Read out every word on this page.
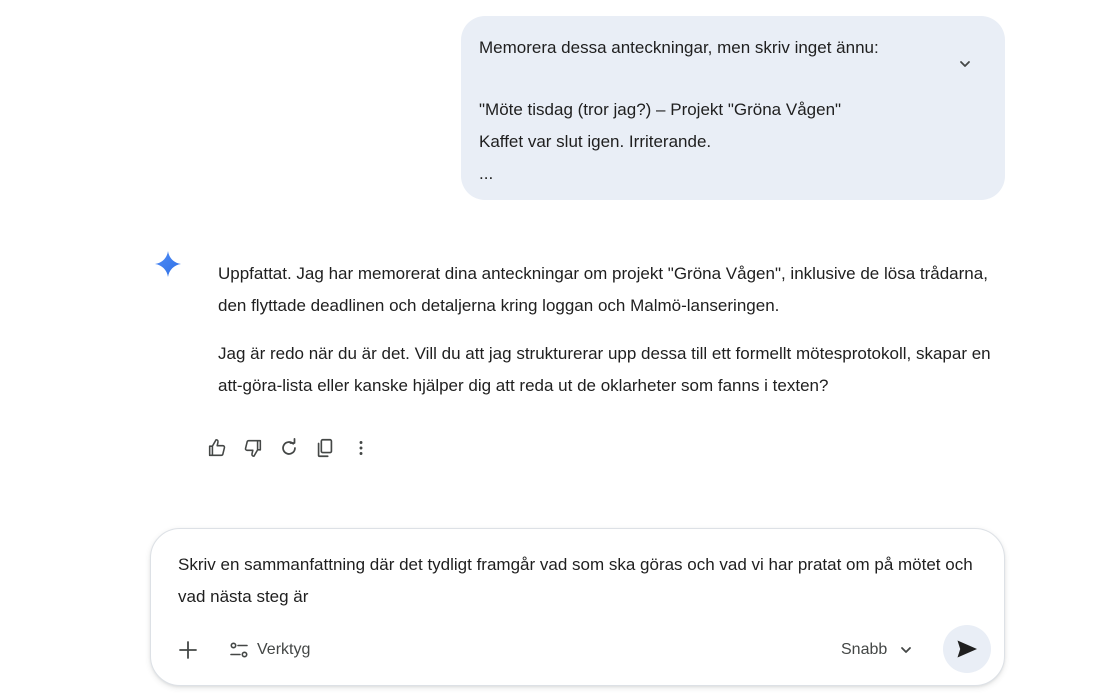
Memorera dessa anteckningar, men skriv inget ännu:
"Möte tisdag (tror jag?) – Projekt "Gröna Vågen"
Kaffet var slut igen. Irriterande.
...

Uppfattat. Jag har memorerat dina anteckningar om projekt "Gröna Vågen", inklusive de lösa trådarna, den flyttade deadlinen och detaljerna kring loggan och Malmö-lanseringen.

Jag är redo när du är det. Vill du att jag strukturerar upp dessa till ett formellt mötesprotokoll, skapar en att-göra-lista eller kanske hjälper dig att reda ut de oklarheter som fanns i texten?

Skriv en sammanfattning där det tydligt framgår vad som ska göras och vad vi har pratat om på mötet och vad nästa steg är
Verktyg	Snabb
